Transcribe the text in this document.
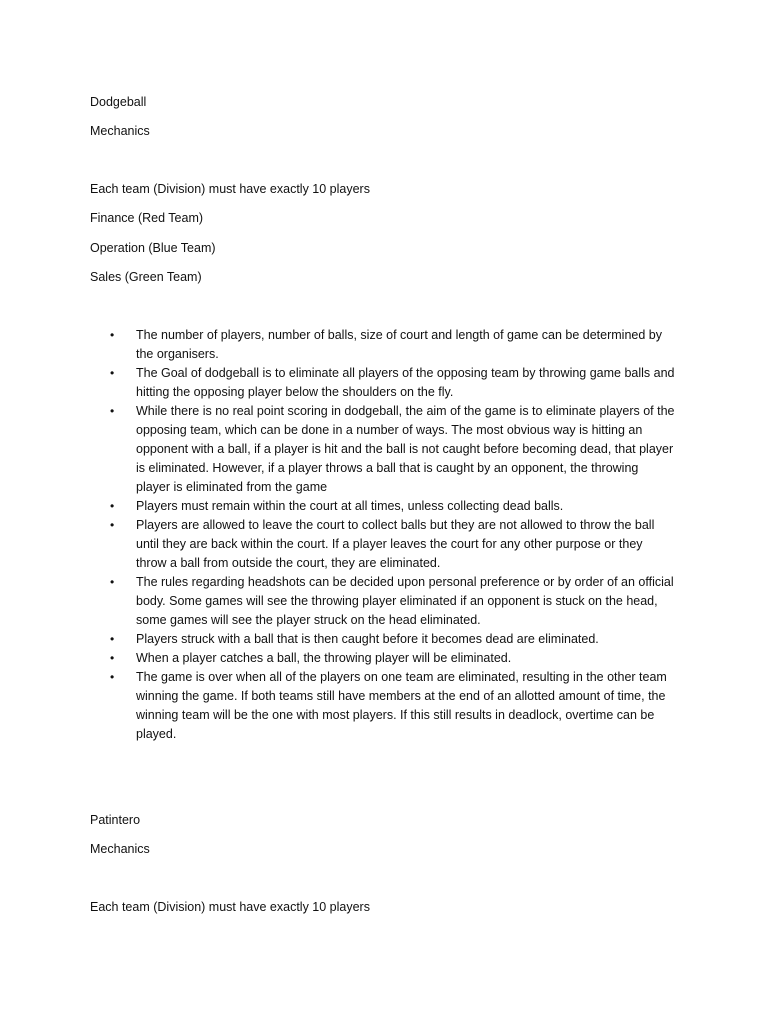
Dodgeball

Mechanics

Each team (Division) must have exactly 10 players

Finance (Red Team)

Operation (Blue Team)

Sales (Green Team)

•	The number of players, number of balls, size of court and length of game can be determined by the organisers.
•	The Goal of dodgeball is to eliminate all players of the opposing team by throwing game balls and hitting the opposing player below the shoulders on the fly.
•	While there is no real point scoring in dodgeball, the aim of the game is to eliminate players of the opposing team, which can be done in a number of ways. The most obvious way is hitting an opponent with a ball, if a player is hit and the ball is not caught before becoming dead, that player is eliminated. However, if a player throws a ball that is caught by an opponent, the throwing player is eliminated from the game
•	Players must remain within the court at all times, unless collecting dead balls.
•	Players are allowed to leave the court to collect balls but they are not allowed to throw the ball until they are back within the court. If a player leaves the court for any other purpose or they throw a ball from outside the court, they are eliminated.
•	The rules regarding headshots can be decided upon personal preference or by order of an official body. Some games will see the throwing player eliminated if an opponent is stuck on the head, some games will see the player struck on the head eliminated.
•	Players struck with a ball that is then caught before it becomes dead are eliminated.
•	When a player catches a ball, the throwing player will be eliminated.
•	The game is over when all of the players on one team are eliminated, resulting in the other team winning the game. If both teams still have members at the end of an allotted amount of time, the winning team will be the one with most players. If this still results in deadlock, overtime can be played.

Patintero

Mechanics

Each team (Division) must have exactly 10 players
